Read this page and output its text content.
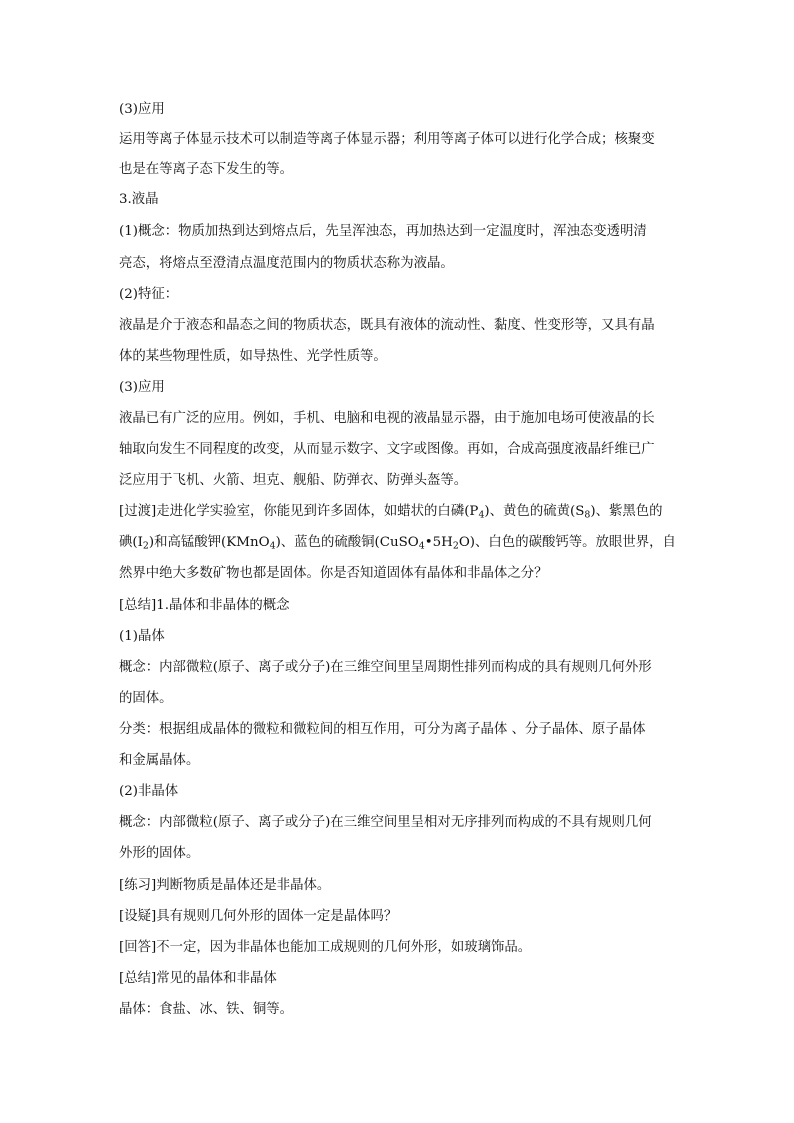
(3)应用
运用等离子体显示技术可以制造等离子体显示器；利用等离子体可以进行化学合成；核聚变
也是在等离子态下发生的等。
3.液晶
(1)概念：物质加热到达到熔点后，先呈浑浊态，再加热达到一定温度时，浑浊态变透明清
亮态，将熔点至澄清点温度范围内的物质状态称为液晶。
(2)特征：
液晶是介于液态和晶态之间的物质状态，既具有液体的流动性、黏度、性变形等，又具有晶
体的某些物理性质，如导热性、光学性质等。
(3)应用
液晶已有广泛的应用。例如，手机、电脑和电视的液晶显示器，由于施加电场可使液晶的长
轴取向发生不同程度的改变，从而显示数字、文字或图像。再如，合成高强度液晶纤维已广
泛应用于飞机、火箭、坦克、舰船、防弹衣、防弹头盔等。
[过渡]走进化学实验室，你能见到许多固体，如蜡状的白磷$(P_4)$、黄色的硫黄$(S_8)$、紫黑色的
碘$(I_2)$和高锰酸钾(KMnO$_4$)、蓝色的硫酸铜$(CuSO_4•5H_2O)$、白色的碳酸钙等。放眼世界，自
然界中绝大多数矿物也都是固体。你是否知道固体有晶体和非晶体之分？
[总结]1.晶体和非晶体的概念
(1)晶体
概念：内部微粒(原子、离子或分子)在三维空间里呈周期性排列而构成的具有规则几何外形
的固体。
分类：根据组成晶体的微粒和微粒间的相互作用，可分为离子晶体 、分子晶体、原子晶体
和金属晶体。
(2)非晶体
概念：内部微粒(原子、离子或分子)在三维空间里呈相对无序排列而构成的不具有规则几何
外形的固体。
[练习]判断物质是晶体还是非晶体。
[设疑]具有规则几何外形的固体一定是晶体吗？
[回答]不一定，因为非晶体也能加工成规则的几何外形，如玻璃饰品。
[总结]常见的晶体和非晶体
晶体：食盐、冰、铁、铜等。
